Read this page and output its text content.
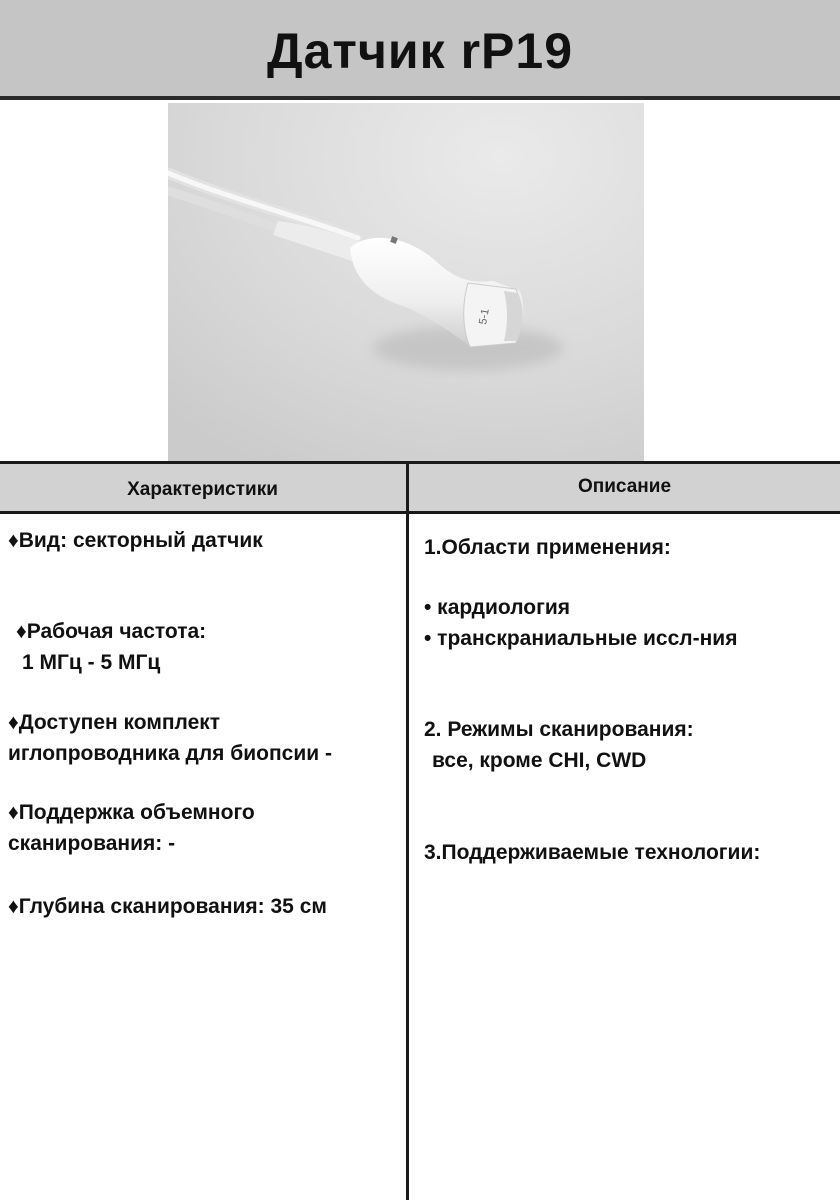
Датчик rP19
5-1
Характеристики	Описание

♦Вид: секторный датчик

♦Рабочая частота:
1 МГц - 5 МГц

♦Доступен комплект
иглопроводника для биопсии -

♦Поддержка объемного
сканирования: -

♦Глубина сканирования: 35 см

1.Области применения:

• кардиология
• транскраниальные иссл-ния

2. Режимы сканирования:
все, кроме CHI, CWD

3.Поддерживаемые технологии:
